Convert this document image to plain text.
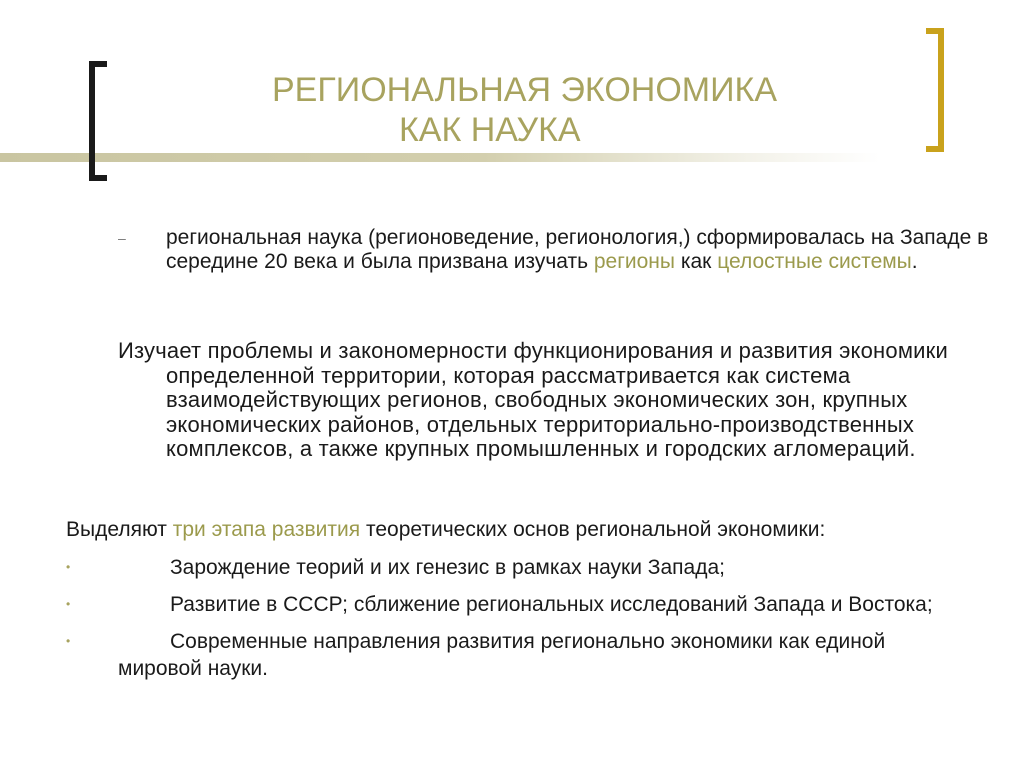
РЕГИОНАЛЬНАЯ ЭКОНОМИКА
КАК НАУКА
–	региональная наука (регионоведение, регионология,) сформировалась на Западе в середине 20 века и была призвана изучать регионы как целостные системы.
Изучает проблемы и закономерности функционирования и развития экономики определенной территории, которая рассматривается как система взаимодействующих регионов, свободных экономических зон, крупных экономических районов, отдельных территориально-производственных комплексов, а также крупных промышленных и городских агломераций.
Выделяют три этапа развития теоретических основ региональной экономики:
•	Зарождение теорий и их генезис в рамках науки Запада;
•	Развитие в СССР; сближение региональных исследований Запада и Востока;
•	Современные направления развития регионально экономики как единой мировой науки.
